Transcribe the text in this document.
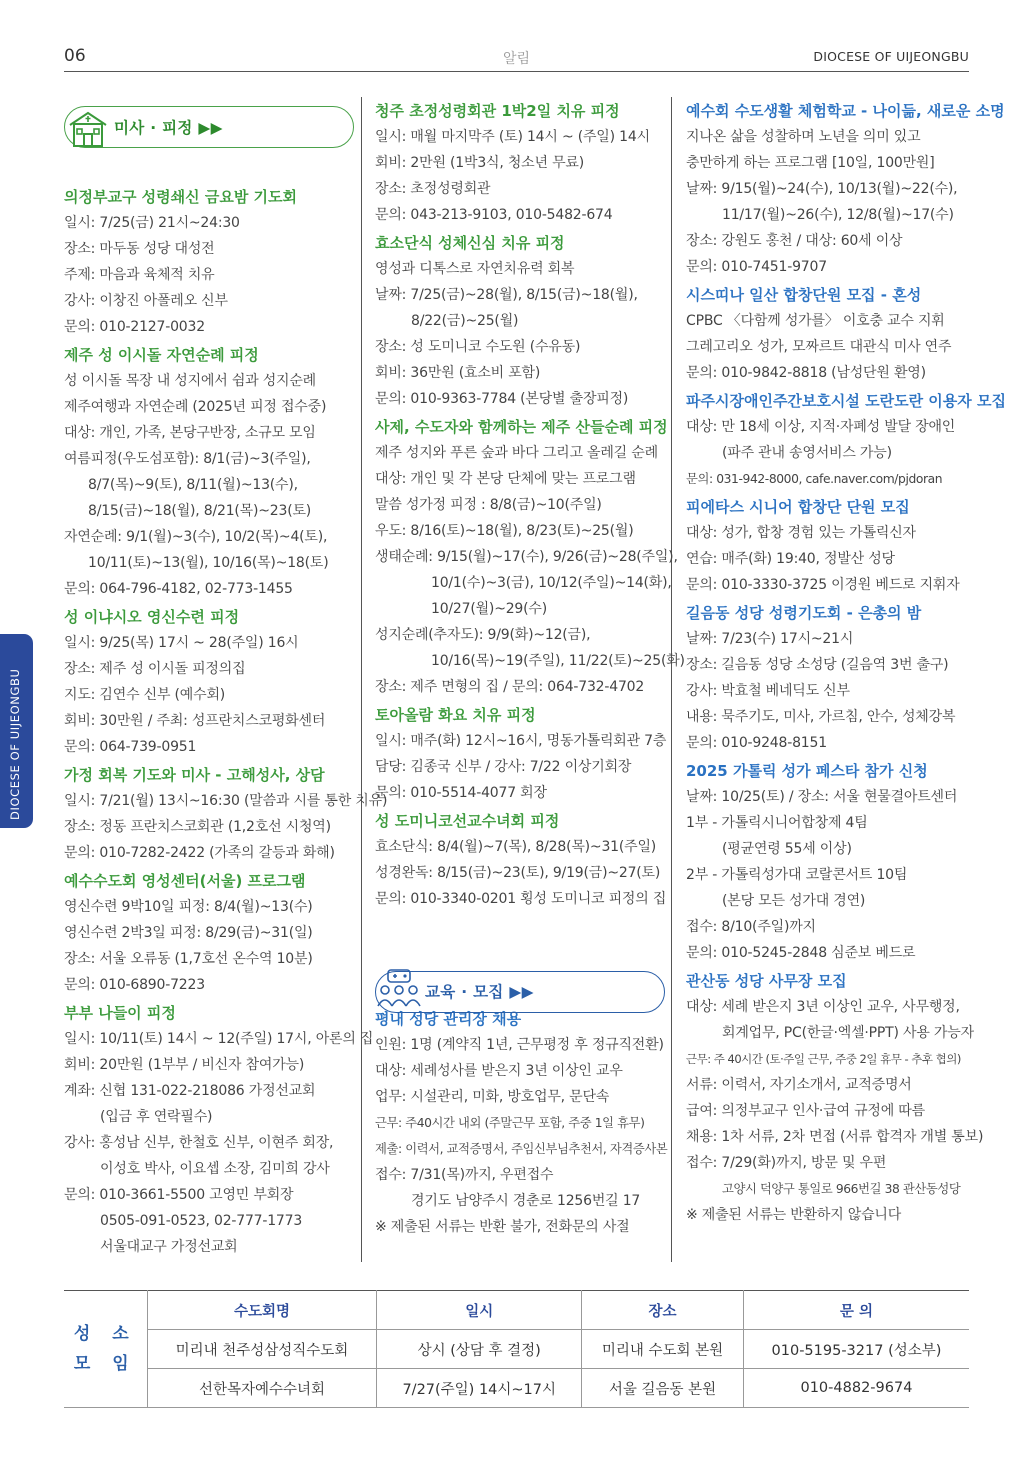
06	알림	DIOCESE OF UIJEONGBU
DIOCESE OF UIJEONGBU
미사 · 피정 ▶▶
의정부교구 성령쇄신 금요밤 기도회
일시: 7/25(금) 21시~24:30
장소: 마두동 성당 대성전
주제: 마음과 육체적 치유
강사: 이창진 아폴레오 신부
문의: 010-2127-0032
제주 성 이시돌 자연순례 피정
성 이시돌 목장 내 성지에서 쉼과 성지순례
제주여행과 자연순례 (2025년 피정 접수중)
대상: 개인, 가족, 본당구반장, 소규모 모임
여름피정(우도섬포함): 8/1(금)~3(주일),
8/7(목)~9(토), 8/11(월)~13(수),
8/15(금)~18(월), 8/21(목)~23(토)
자연순례: 9/1(월)~3(수), 10/2(목)~4(토),
10/11(토)~13(월), 10/16(목)~18(토)
문의: 064-796-4182, 02-773-1455
성 이냐시오 영신수련 피정
일시: 9/25(목) 17시 ~ 28(주일) 16시
장소: 제주 성 이시돌 피정의집
지도: 김연수 신부 (예수회)
회비: 30만원 / 주최: 성프란치스코평화센터
문의: 064-739-0951
가정 회복 기도와 미사 - 고해성사, 상담
일시: 7/21(월) 13시~16:30 (말씀과 시를 통한 치유)
장소: 정동 프란치스코회관 (1,2호선 시청역)
문의: 010-7282-2422 (가족의 갈등과 화해)
예수수도회 영성센터(서울) 프로그램
영신수련 9박10일 피정: 8/4(월)~13(수)
영신수련 2박3일 피정: 8/29(금)~31(일)
장소: 서울 오류동 (1,7호선 온수역 10분)
문의: 010-6890-7223
부부 나들이 피정
일시: 10/11(토) 14시 ~ 12(주일) 17시, 아론의 집
회비: 20만원 (1부부 / 비신자 참여가능)
계좌: 신협 131-022-218086 가정선교회
(입금 후 연락필수)
강사: 홍성남 신부, 한철호 신부, 이현주 회장,
이성호 박사, 이요셉 소장, 김미희 강사
문의: 010-3661-5500 고영민 부회장
0505-091-0523, 02-777-1773
서울대교구 가정선교회
청주 초정성령회관 1박2일 치유 피정
일시: 매월 마지막주 (토) 14시 ~ (주일) 14시
회비: 2만원 (1박3식, 청소년 무료)
장소: 초정성령회관
문의: 043-213-9103, 010-5482-674
효소단식 성체신심 치유 피정
영성과 디톡스로 자연치유력 회복
날짜: 7/25(금)~28(월), 8/15(금)~18(월),
8/22(금)~25(월)
장소: 성 도미니코 수도원 (수유동)
회비: 36만원 (효소비 포함)
문의: 010-9363-7784 (본당별 출장피정)
사제, 수도자와 함께하는 제주 산들순례 피정
제주 성지와 푸른 숲과 바다 그리고 올레길 순례
대상: 개인 및 각 본당 단체에 맞는 프로그램
말씀 성가정 피정 : 8/8(금)~10(주일)
우도: 8/16(토)~18(월), 8/23(토)~25(월)
생태순례: 9/15(월)~17(수), 9/26(금)~28(주일),
10/1(수)~3(금), 10/12(주일)~14(화),
10/27(월)~29(수)
성지순례(추자도): 9/9(화)~12(금),
10/16(목)~19(주일), 11/22(토)~25(화)
장소: 제주 면형의 집 / 문의: 064-732-4702
토아올람 화요 치유 피정
일시: 매주(화) 12시~16시, 명동가톨릭회관 7층
담당: 김종국 신부 / 강사: 7/22 이상기회장
문의: 010-5514-4077 회장
성 도미니코선교수녀회 피정
효소단식: 8/4(월)~7(목), 8/28(목)~31(주일)
성경완독: 8/15(금)~23(토), 9/19(금)~27(토)
문의: 010-3340-0201 횡성 도미니코 피정의 집
교육 · 모집 ▶▶
평내 성당 관리장 채용
인원: 1명 (계약직 1년, 근무평정 후 정규직전환)
대상: 세례성사를 받은지 3년 이상인 교우
업무: 시설관리, 미화, 방호업무, 문단속
근무: 주40시간 내외 (주말근무 포함, 주중 1일 휴무)
제출: 이력서, 교적증명서, 주임신부님추천서, 자격증사본
접수: 7/31(목)까지, 우편접수
경기도 남양주시 경춘로 1256번길 17
※ 제출된 서류는 반환 불가, 전화문의 사절
예수회 수도생활 체험학교 - 나이듦, 새로운 소명
지나온 삶을 성찰하며 노년을 의미 있고
충만하게 하는 프로그램 [10일, 100만원]
날짜: 9/15(월)~24(수), 10/13(월)~22(수),
11/17(월)~26(수), 12/8(월)~17(수)
장소: 강원도 홍천 / 대상: 60세 이상
문의: 010-7451-9707
시스띠나 일산 합창단원 모집 - 혼성
CPBC 〈다함께 성가를〉 이호충 교수 지휘
그레고리오 성가, 모짜르트 대관식 미사 연주
문의: 010-9842-8818 (남성단원 환영)
파주시장애인주간보호시설 도란도란 이용자 모집
대상: 만 18세 이상, 지적·자폐성 발달 장애인
(파주 관내 송영서비스 가능)
문의: 031-942-8000, cafe.naver.com/pjdoran
피에타스 시니어 합창단 단원 모집
대상: 성가, 합창 경험 있는 가톨릭신자
연습: 매주(화) 19:40, 정발산 성당
문의: 010-3330-3725 이경원 베드로 지휘자
길음동 성당 성령기도회 - 은총의 밤
날짜: 7/23(수) 17시~21시
장소: 길음동 성당 소성당 (길음역 3번 출구)
강사: 박효철 베네딕도 신부
내용: 묵주기도, 미사, 가르침, 안수, 성체강복
문의: 010-9248-8151
2025 가톨릭 성가 페스타 참가 신청
날짜: 10/25(토) / 장소: 서울 현물결아트센터
1부 - 가톨릭시니어합창제 4팀
(평균연령 55세 이상)
2부 - 가톨릭성가대 코랄콘서트 10팀
(본당 모든 성가대 경연)
접수: 8/10(주일)까지
문의: 010-5245-2848 심준보 베드로
관산동 성당 사무장 모집
대상: 세례 받은지 3년 이상인 교우, 사무행정,
회계업무, PC(한글·엑셀·PPT) 사용 가능자
근무: 주 40시간 (토·주일 근무, 주중 2일 휴무 - 추후 협의)
서류: 이력서, 자기소개서, 교적증명서
급여: 의정부교구 인사·급여 규정에 따름
채용: 1차 서류, 2차 면접 (서류 합격자 개별 통보)
접수: 7/29(화)까지, 방문 및 우편
고양시 덕양구 통일로 966번길 38 관산동성당
※ 제출된 서류는 반환하지 않습니다
성 소
모 임	수도회명	일시	장소	문 의
	미리내 천주성삼성직수도회	상시 (상담 후 결정)	미리내 수도회 본원	010-5195-3217 (성소부)
	선한목자예수수녀회	7/27(주일) 14시~17시	서울 길음동 본원	010-4882-9674
